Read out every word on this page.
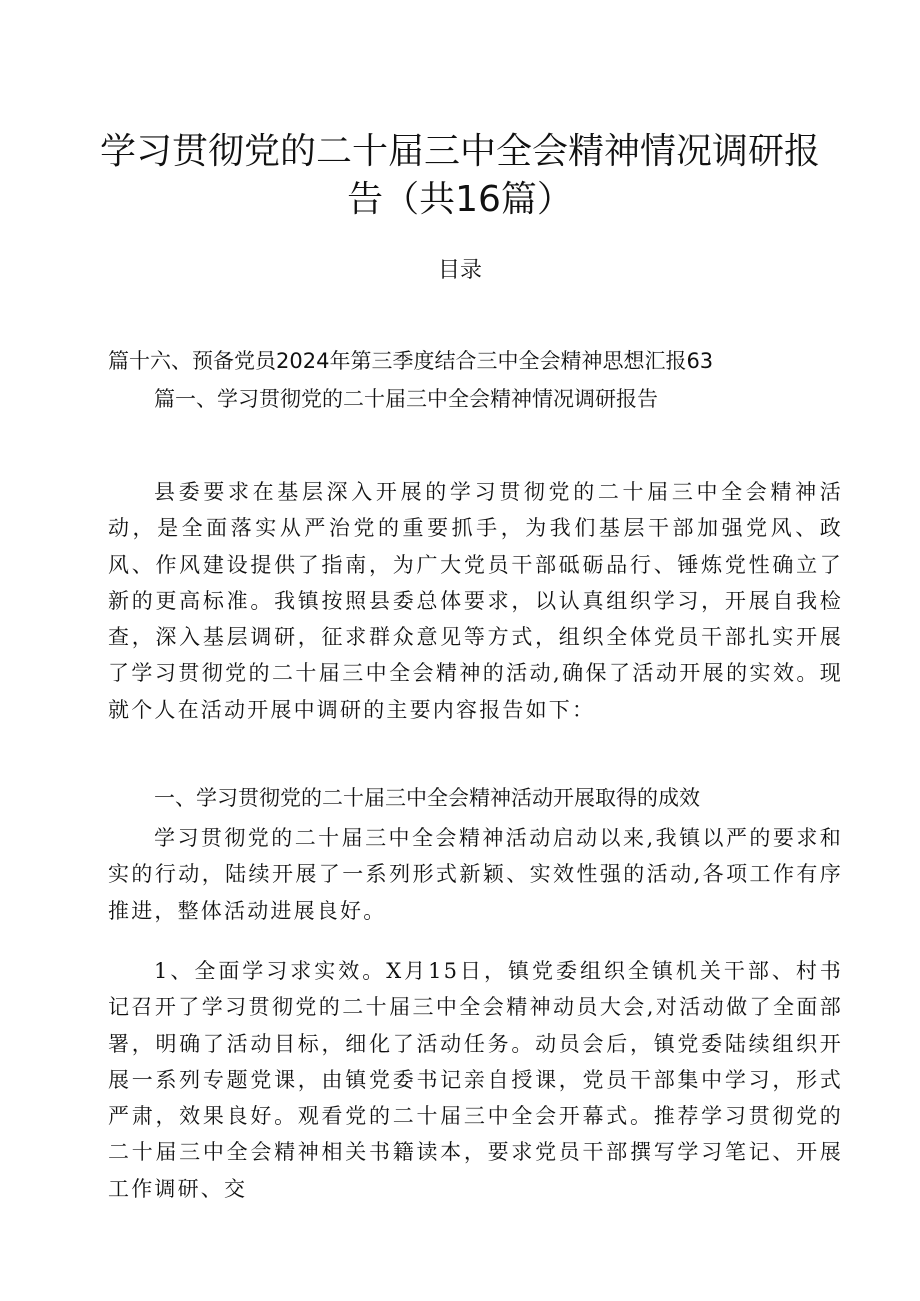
学习贯彻党的二十届三中全会精神情况调研报
告（共16篇）
目录
篇十六、预备党员2024年第三季度结合三中全会精神思想汇报63
篇一、学习贯彻党的二十届三中全会精神情况调研报告

县委要求在基层深入开展的学习贯彻党的二十届三中全会精神活动，是全面落实从严治党的重要抓手，为我们基层干部加强党风、政风、作风建设提供了指南，为广大党员干部砥砺品行、锤炼党性确立了新的更高标准。我镇按照县委总体要求，以认真组织学习，开展自我检查，深入基层调研，征求群众意见等方式，组织全体党员干部扎实开展了学习贯彻党的二十届三中全会精神的活动,确保了活动开展的实效。现就个人在活动开展中调研的主要内容报告如下：

一、学习贯彻党的二十届三中全会精神活动开展取得的成效

学习贯彻党的二十届三中全会精神活动启动以来,我镇以严的要求和实的行动，陆续开展了一系列形式新颖、实效性强的活动,各项工作有序推进，整体活动进展良好。

1、全面学习求实效。X月15日，镇党委组织全镇机关干部、村书记召开了学习贯彻党的二十届三中全会精神动员大会,对活动做了全面部署，明确了活动目标，细化了活动任务。动员会后，镇党委陆续组织开展一系列专题党课，由镇党委书记亲自授课，党员干部集中学习，形式严肃，效果良好。观看党的二十届三中全会开幕式。推荐学习贯彻党的二十届三中全会精神相关书籍读本，要求党员干部撰写学习笔记、开展工作调研、交
